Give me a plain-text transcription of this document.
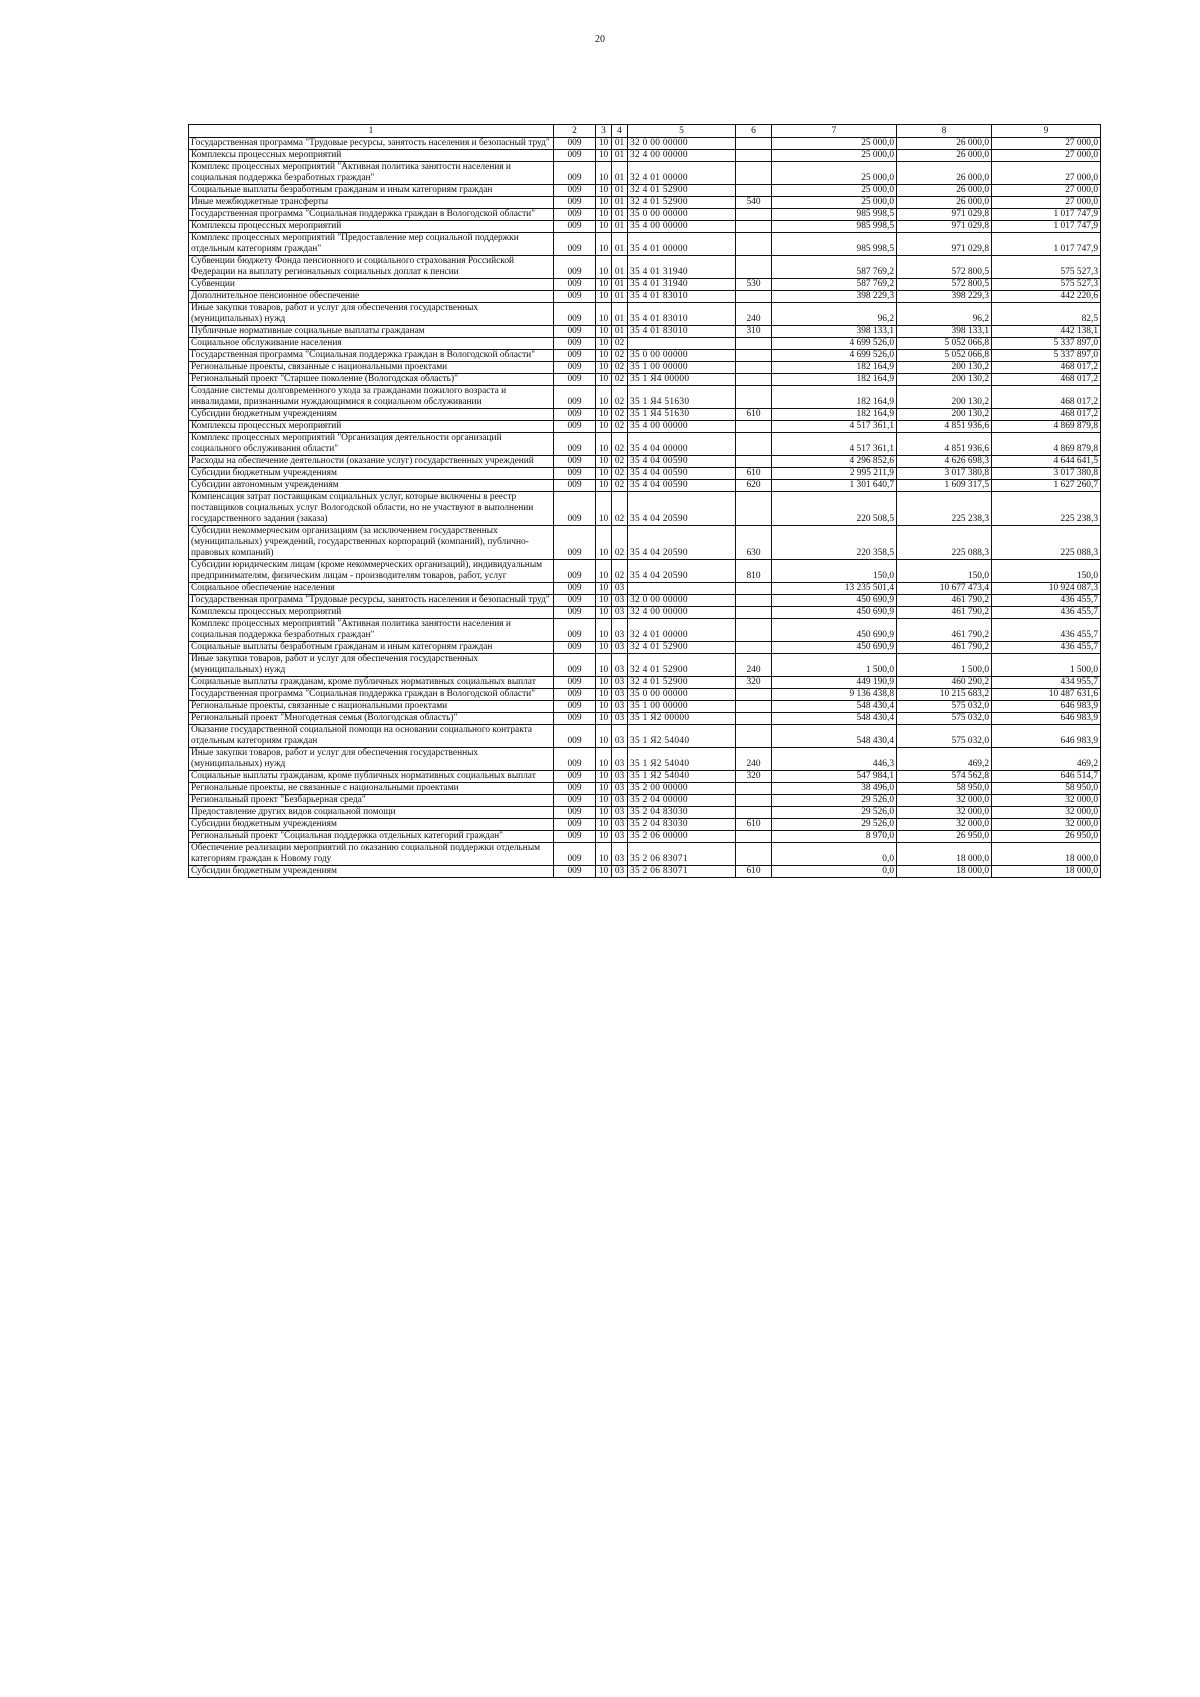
20
1	2	3	4	5	6	7	8	9
Государственная программа "Трудовые ресурсы, занятость населения и безопасный труд"	009	10	01	32 0 00 00000		25 000,0	26 000,0	27 000,0
Комплексы процессных мероприятий	009	10	01	32 4 00 00000		25 000,0	26 000,0	27 000,0
Комплекс процессных мероприятий "Активная политика занятости населения и социальная поддержка безработных граждан"	009	10	01	32 4 01 00000		25 000,0	26 000,0	27 000,0
Социальные выплаты безработным гражданам и иным категориям граждан	009	10	01	32 4 01 52900		25 000,0	26 000,0	27 000,0
Иные межбюджетные трансферты	009	10	01	32 4 01 52900	540	25 000,0	26 000,0	27 000,0
Государственная программа "Социальная поддержка граждан в Вологодской области"	009	10	01	35 0 00 00000		985 998,5	971 029,8	1 017 747,9
Комплексы процессных мероприятий	009	10	01	35 4 00 00000		985 998,5	971 029,8	1 017 747,9
Комплекс процессных мероприятий "Предоставление мер социальной поддержки отдельным категориям граждан"	009	10	01	35 4 01 00000		985 998,5	971 029,8	1 017 747,9
Субвенции бюджету Фонда пенсионного и социального страхования Российской Федерации на выплату региональных социальных доплат к пенсии	009	10	01	35 4 01 31940		587 769,2	572 800,5	575 527,3
Субвенции	009	10	01	35 4 01 31940	530	587 769,2	572 800,5	575 527,3
Дополнительное пенсионное обеспечение	009	10	01	35 4 01 83010		398 229,3	398 229,3	442 220,6
Иные закупки товаров, работ и услуг для обеспечения государственных (муниципальных) нужд	009	10	01	35 4 01 83010	240	96,2	96,2	82,5
Публичные нормативные социальные выплаты гражданам	009	10	01	35 4 01 83010	310	398 133,1	398 133,1	442 138,1
Социальное обслуживание населения	009	10	02			4 699 526,0	5 052 066,8	5 337 897,0
Государственная программа "Социальная поддержка граждан в Вологодской области"	009	10	02	35 0 00 00000		4 699 526,0	5 052 066,8	5 337 897,0
Региональные проекты, связанные с национальными проектами	009	10	02	35 1 00 00000		182 164,9	200 130,2	468 017,2
Региональный проект "Старшее поколение (Вологодская область)"	009	10	02	35 1 Я4 00000		182 164,9	200 130,2	468 017,2
Создание системы долговременного ухода за гражданами пожилого возраста и инвалидами, признанными нуждающимися в социальном обслуживании	009	10	02	35 1 Я4 51630		182 164,9	200 130,2	468 017,2
Субсидии бюджетным учреждениям	009	10	02	35 1 Я4 51630	610	182 164,9	200 130,2	468 017,2
Комплексы процессных мероприятий	009	10	02	35 4 00 00000		4 517 361,1	4 851 936,6	4 869 879,8
Комплекс процессных мероприятий "Организация деятельности организаций социального обслуживания области"	009	10	02	35 4 04 00000		4 517 361,1	4 851 936,6	4 869 879,8
Расходы на обеспечение деятельности (оказание услуг) государственных учреждений	009	10	02	35 4 04 00590		4 296 852,6	4 626 698,3	4 644 641,5
Субсидии бюджетным учреждениям	009	10	02	35 4 04 00590	610	2 995 211,9	3 017 380,8	3 017 380,8
Субсидии автономным учреждениям	009	10	02	35 4 04 00590	620	1 301 640,7	1 609 317,5	1 627 260,7
Компенсация затрат поставщикам социальных услуг, которые включены в реестр поставщиков социальных услуг Вологодской области, но не участвуют в выполнении государственного задания (заказа)	009	10	02	35 4 04 20590		220 508,5	225 238,3	225 238,3
Субсидии некоммерческим организациям (за исключением государственных (муниципальных) учреждений, государственных корпораций (компаний), публично-правовых компаний)	009	10	02	35 4 04 20590	630	220 358,5	225 088,3	225 088,3
Субсидии юридическим лицам (кроме некоммерческих организаций), индивидуальным предпринимателям, физическим лицам - производителям товаров, работ, услуг	009	10	02	35 4 04 20590	810	150,0	150,0	150,0
Социальное обеспечение населения	009	10	03			13 235 501,4	10 677 473,4	10 924 087,3
Государственная программа "Трудовые ресурсы, занятость населения и безопасный труд"	009	10	03	32 0 00 00000		450 690,9	461 790,2	436 455,7
Комплексы процессных мероприятий	009	10	03	32 4 00 00000		450 690,9	461 790,2	436 455,7
Комплекс процессных мероприятий "Активная политика занятости населения и социальная поддержка безработных граждан"	009	10	03	32 4 01 00000		450 690,9	461 790,2	436 455,7
Социальные выплаты безработным гражданам и иным категориям граждан	009	10	03	32 4 01 52900		450 690,9	461 790,2	436 455,7
Иные закупки товаров, работ и услуг для обеспечения государственных (муниципальных) нужд	009	10	03	32 4 01 52900	240	1 500,0	1 500,0	1 500,0
Социальные выплаты гражданам, кроме публичных нормативных социальных выплат	009	10	03	32 4 01 52900	320	449 190,9	460 290,2	434 955,7
Государственная программа "Социальная поддержка граждан в Вологодской области"	009	10	03	35 0 00 00000		9 136 438,8	10 215 683,2	10 487 631,6
Региональные проекты, связанные с национальными проектами	009	10	03	35 1 00 00000		548 430,4	575 032,0	646 983,9
Региональный проект "Многодетная семья (Вологодская область)"	009	10	03	35 1 Я2 00000		548 430,4	575 032,0	646 983,9
Оказание государственной социальной помощи на основании социального контракта отдельным категориям граждан	009	10	03	35 1 Я2 54040		548 430,4	575 032,0	646 983,9
Иные закупки товаров, работ и услуг для обеспечения государственных (муниципальных) нужд	009	10	03	35 1 Я2 54040	240	446,3	469,2	469,2
Социальные выплаты гражданам, кроме публичных нормативных социальных выплат	009	10	03	35 1 Я2 54040	320	547 984,1	574 562,8	646 514,7
Региональные проекты, не связанные с национальными проектами	009	10	03	35 2 00 00000		38 496,0	58 950,0	58 950,0
Региональный проект "Безбарьерная среда"	009	10	03	35 2 04 00000		29 526,0	32 000,0	32 000,0
Предоставление других видов социальной помощи	009	10	03	35 2 04 83030		29 526,0	32 000,0	32 000,0
Субсидии бюджетным учреждениям	009	10	03	35 2 04 83030	610	29 526,0	32 000,0	32 000,0
Региональный проект "Социальная поддержка отдельных категорий граждан"	009	10	03	35 2 06 00000		8 970,0	26 950,0	26 950,0
Обеспечение реализации мероприятий по оказанию социальной поддержки отдельным категориям граждан к Новому году	009	10	03	35 2 06 83071		0,0	18 000,0	18 000,0
Субсидии бюджетным учреждениям	009	10	03	35 2 06 83071	610	0,0	18 000,0	18 000,0
